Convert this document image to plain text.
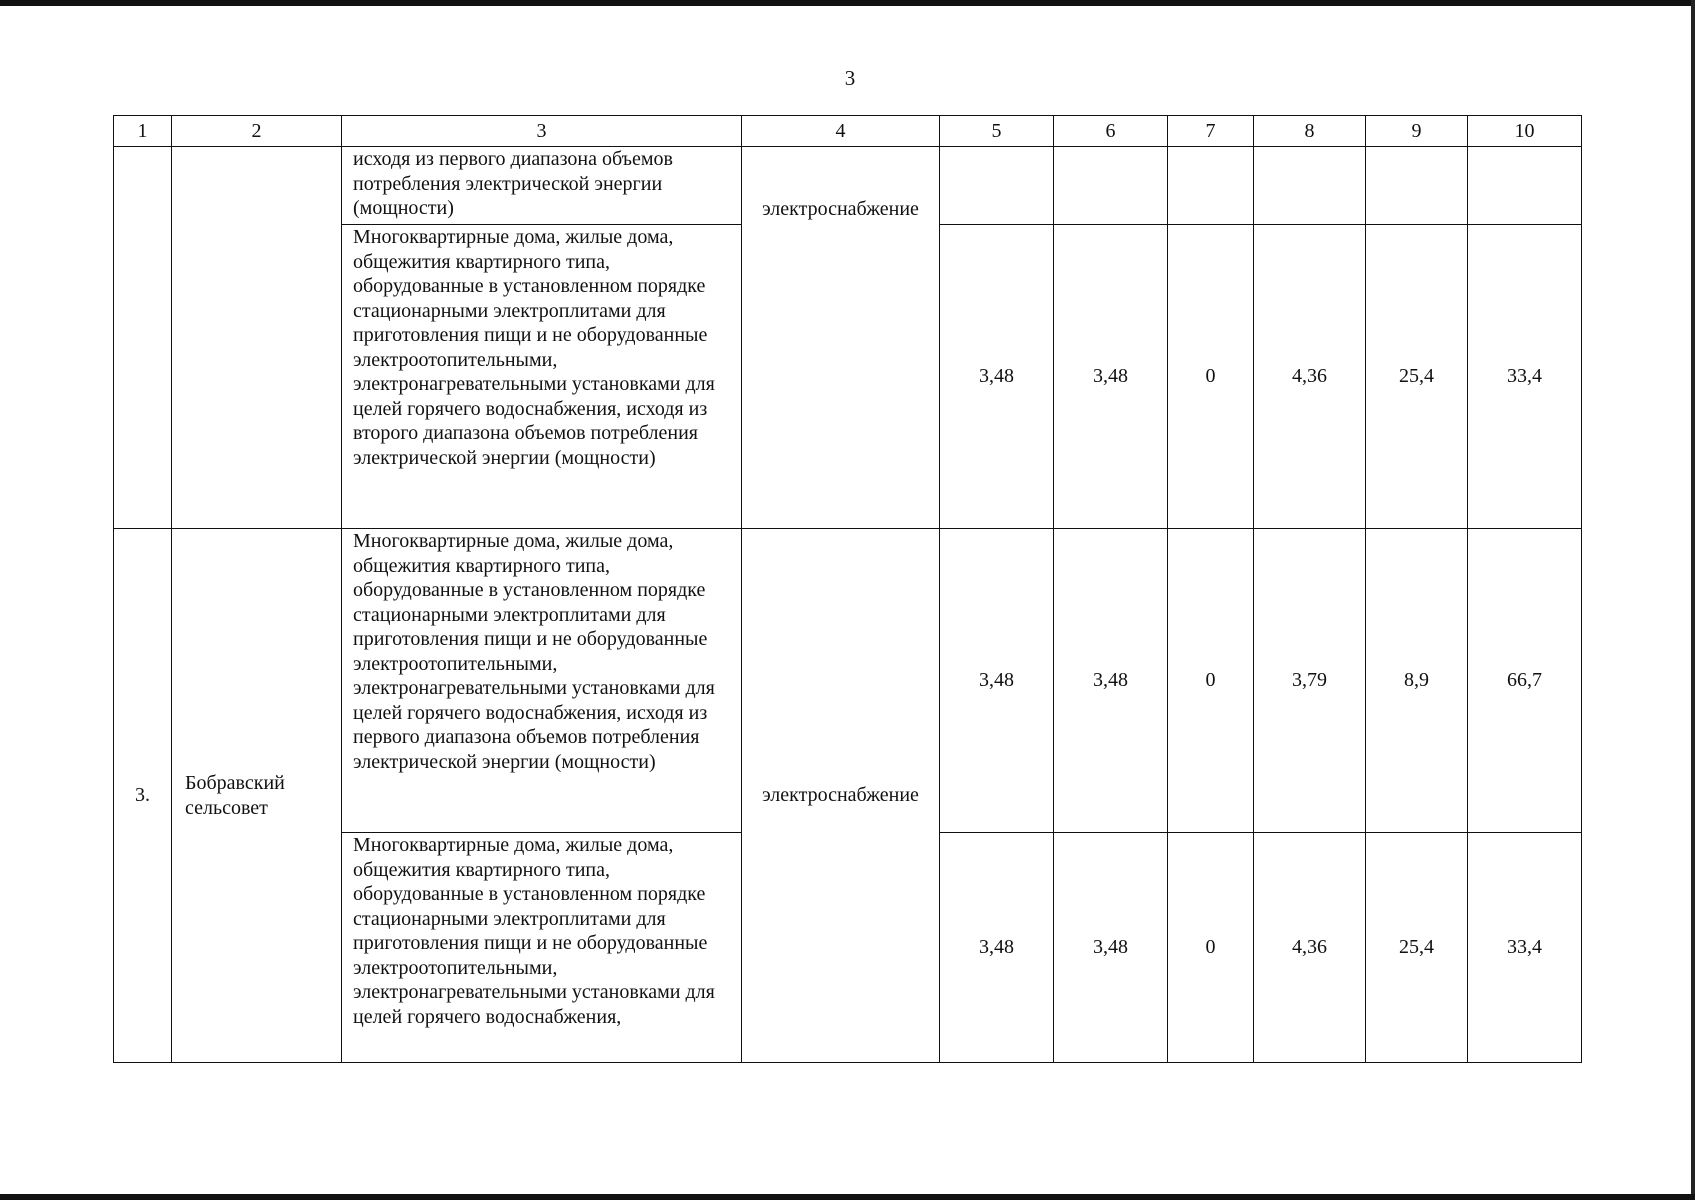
3
1	2	3	4	5	6	7	8	9	10
		исходя из первого диапазона объемов потребления электрической энергии (мощности)	электроснабжение						
		Многоквартирные дома, жилые дома, общежития квартирного типа, оборудованные в установленном порядке стационарными электроплитами для приготовления пищи и не оборудованные электроотопительными, электронагревательными установками для целей горячего водоснабжения, исходя из второго диапазона объемов потребления электрической энергии (мощности)		3,48	3,48	0	4,36	25,4	33,4
3.	Бобравский сельсовет	Многоквартирные дома, жилые дома, общежития квартирного типа, оборудованные в установленном порядке стационарными электроплитами для приготовления пищи и не оборудованные электроотопительными, электронагревательными установками для целей горячего водоснабжения, исходя из первого диапазона объемов потребления электрической энергии (мощности)	электроснабжение	3,48	3,48	0	3,79	8,9	66,7
		Многоквартирные дома, жилые дома, общежития квартирного типа, оборудованные в установленном порядке стационарными электроплитами для приготовления пищи и не оборудованные электроотопительными, электронагревательными установками для целей горячего водоснабжения,		3,48	3,48	0	4,36	25,4	33,4
